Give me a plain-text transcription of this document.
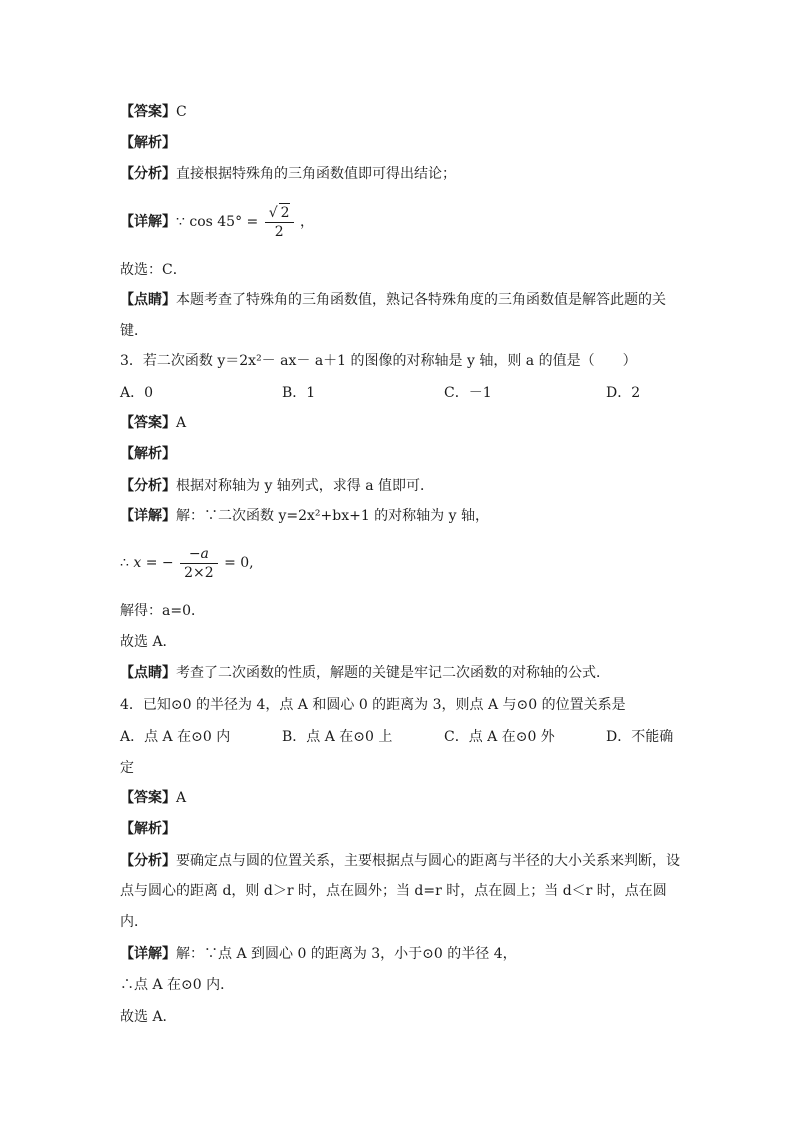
【答案】C
【解析】
【分析】直接根据特殊角的三角函数值即可得出结论；
【详解】∵ $\cos 45^\circ = \frac{√ 2}{2}$ ，
故选：C．
【点睛】本题考查了特殊角的三角函数值，熟记各特殊角度的三角函数值是解答此题的关
键．
3．若二次函数 y＝2x²－ ax－ a＋1 的图像的对称轴是 y 轴，则 a 的值是（　　）
A．0	B．1	C．－1	D．2
【答案】A
【解析】
【分析】根据对称轴为 y 轴列式，求得 a 值即可．
【详解】解：∵二次函数 y=2x²+bx+1 的对称轴为 y 轴，
∴ x = − $\frac{-a}{2\times 2} = 0$,
解得：a=0．
故选 A．
【点睛】考查了二次函数的性质，解题的关键是牢记二次函数的对称轴的公式．
4．已知⊙0 的半径为 4，点 A 和圆心 0 的距离为 3，则点 A 与⊙0 的位置关系是
A．点 A 在⊙0 内	B．点 A 在⊙0 上	C．点 A 在⊙0 外	D．不能确
定
【答案】A
【解析】
【分析】要确定点与圆的位置关系，主要根据点与圆心的距离与半径的大小关系来判断，设
点与圆心的距离 d，则 d＞r 时，点在圆外；当 d=r 时，点在圆上；当 d＜r 时，点在圆
内．
【详解】解：∵点 A 到圆心 0 的距离为 3，小于⊙0 的半径 4，
∴点 A 在⊙0 内．
故选 A．
